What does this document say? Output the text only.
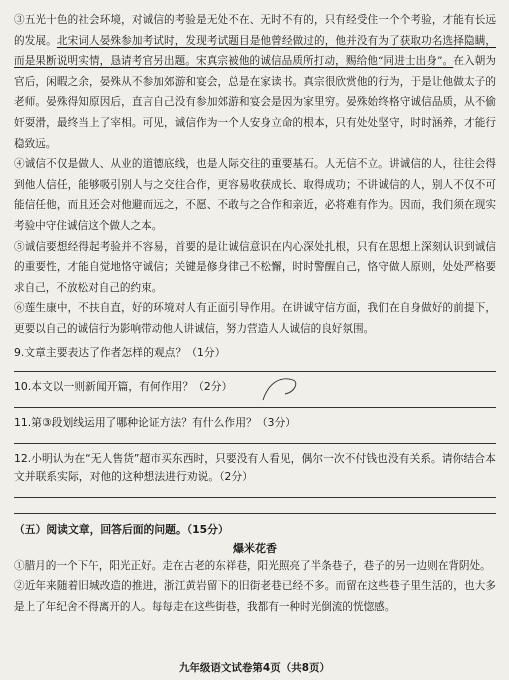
③五光十色的社会环境，对诚信的考验是无处不在、无时不有的，只有经受住一个个考验，才能有长远的发展。北宋词人晏殊参加考试时，发现考试题目是他曾经做过的，他并没有为了获取功名选择隐瞒，而是果断说明实情，恳请考官另出题。宋真宗被他的诚信品质所打动，赐给他“同进士出身”。在入朝为官后，闲暇之余，晏殊从不参加郊游和宴会，总是在家读书。真宗很欣赏他的行为，于是让他做太子的老师。晏殊得知原因后，直言自己没有参加郊游和宴会是因为家里穷。晏殊始终格守诚信品质，从不偷奸耍滑，最终当上了宰相。可见，诚信作为一个人安身立命的根本，只有处处坚守，时时涵养，才能行稳致远。

④诚信不仅是做人、从业的道德底线，也是人际交往的重要基石。人无信不立。讲诚信的人，往往会得到他人信任，能够吸引别人与之交往合作，更容易收获成长、取得成功；不讲诚信的人，别人不仅不可能信任他，而且还会对他避而远之，不愿、不敢与之合作和亲近，必将难有作为。因而，我们须在现实考验中守住诚信这个做人之本。

⑤诚信要想经得起考验并不容易，首要的是让诚信意识在内心深处扎根，只有在思想上深刻认识到诚信的重要性，才能自觉地恪守诚信；关键是修身律己不松懈，时时警醒自己，恪守做人原则，处处严格要求自己，不放松对自己的约束。

⑥莲生康中，不扶自直，好的环境对人有正面引导作用。在讲诚守信方面，我们在自身做好的前提下，更要以自己的诚信行为影响带动他人讲诚信，努力营造人人诚信的良好氛围。

9.文章主要表达了作者怎样的观点？（1分）

10.本文以一则新闻开篇，有何作用？（2分）

11.第③段划线运用了哪种论证方法？有什么作用？（3分）

12.小明认为在“无人售货”超市买东西时，只要没有人看见，偶尔一次不付钱也没有关系。请你结合本文并联系实际，对他的这种想法进行劝说。（2分）

（五）阅读文章，回答后面的问题。（15分）

爆米花香

①腊月的一个下午，阳光正好。走在古老的东祥巷，阳光照亮了半条巷子，巷子的另一边则在背阴处。

②近年来随着旧城改造的推进，浙江黄岩留下的旧街老巷已经不多。而留在这些巷子里生活的，也大多是上了年纪舍不得离开的人。每每走在这些街巷，我都有一种时光倒流的恍惚感。

九年级语文试卷第4页（共8页）
